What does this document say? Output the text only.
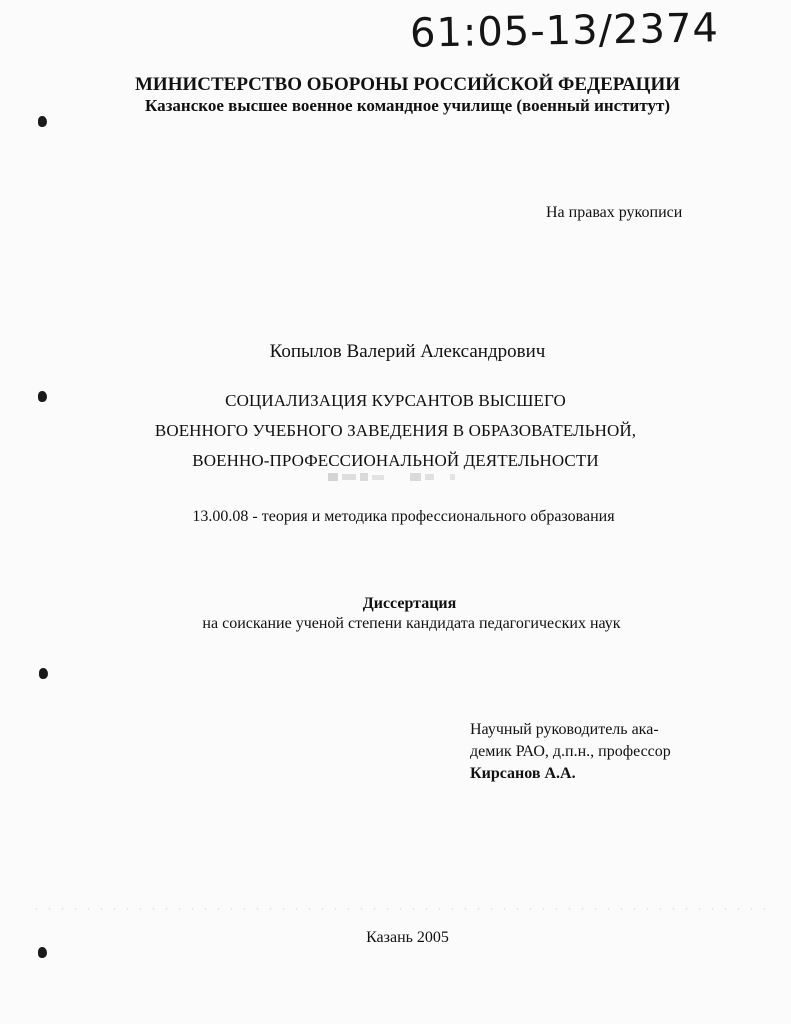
61:05-13/2374
МИНИСТЕРСТВО ОБОРОНЫ РОССИЙСКОЙ ФЕДЕРАЦИИ
Казанское высшее военное командное училище (военный институт)
На правах рукописи
Копылов Валерий Александрович
СОЦИАЛИЗАЦИЯ КУРСАНТОВ ВЫСШЕГО
ВОЕННОГО УЧЕБНОГО ЗАВЕДЕНИЯ В ОБРАЗОВАТЕЛЬНОЙ,
ВОЕННО-ПРОФЕССИОНАЛЬНОЙ ДЕЯТЕЛЬНОСТИ
13.00.08 - теория и методика профессионального образования
Диссертация
на соискание ученой степени кандидата педагогических наук
Научный руководитель ака-
демик РАО, д.п.н., профессор
Кирсанов А.А.
Казань 2005
